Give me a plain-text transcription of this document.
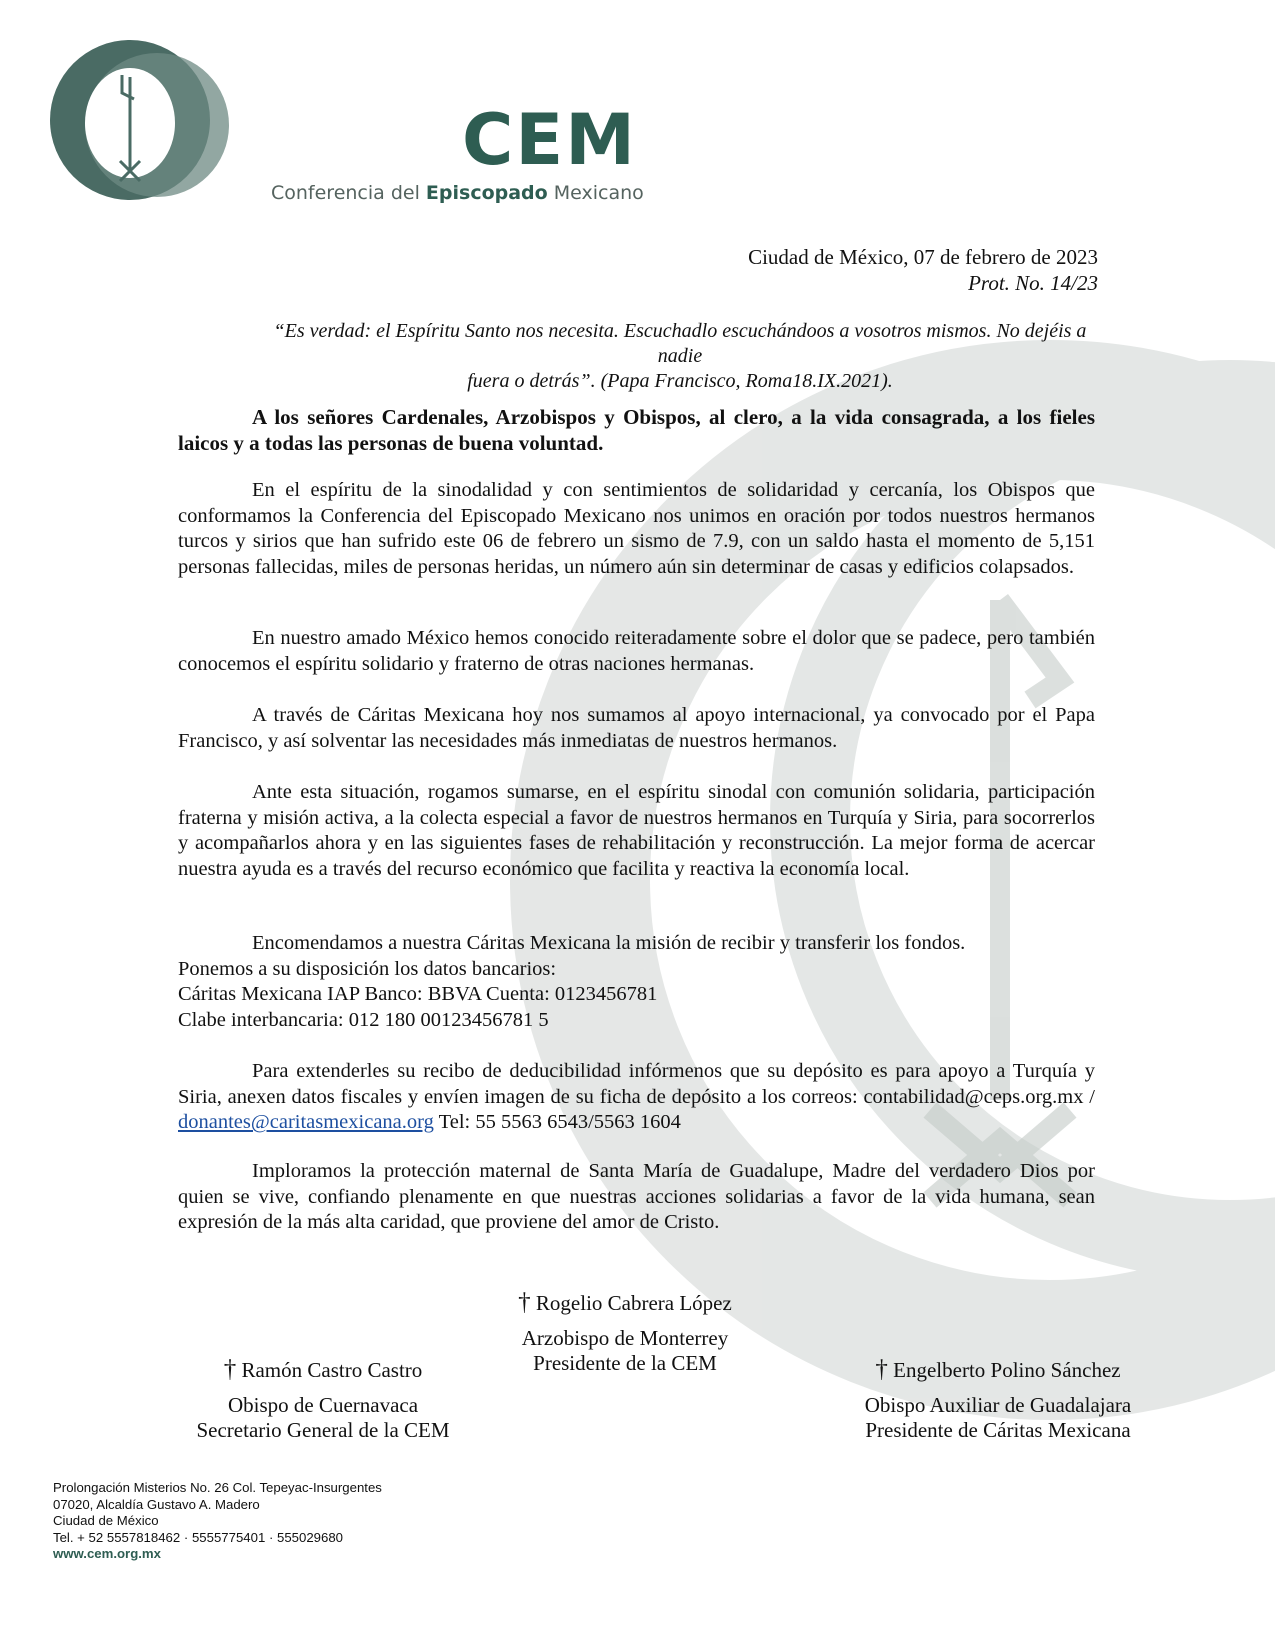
CEM

Conferencia del Episcopado Mexicano

Ciudad de México, 07 de febrero de 2023
Prot. No. 14/23
“Es verdad: el Espíritu Santo nos necesita. Escuchadlo escuchándoos a vosotros mismos. No dejéis a nadie
fuera o detrás”. (Papa Francisco, Roma18.IX.2021).

A los señores Cardenales, Arzobispos y Obispos, al clero, a la vida consagrada, a los fieles laicos y a todas las personas de buena voluntad.

En el espíritu de la sinodalidad y con sentimientos de solidaridad y cercanía, los Obispos que conformamos la Conferencia del Episcopado Mexicano nos unimos en oración por todos nuestros hermanos turcos y sirios que han sufrido este 06 de febrero un sismo de 7.9, con un saldo hasta el momento de 5,151 personas fallecidas, miles de personas heridas, un número aún sin determinar de casas y edificios colapsados.

En nuestro amado México hemos conocido reiteradamente sobre el dolor que se padece, pero también conocemos el espíritu solidario y fraterno de otras naciones hermanas.

A través de Cáritas Mexicana hoy nos sumamos al apoyo internacional, ya convocado por el Papa Francisco, y así solventar las necesidades más inmediatas de nuestros hermanos.

Ante esta situación, rogamos sumarse, en el espíritu sinodal con comunión solidaria, participación fraterna y misión activa, a la colecta especial a favor de nuestros hermanos en Turquía y Siria, para socorrerlos y acompañarlos ahora y en las siguientes fases de rehabilitación y reconstrucción. La mejor forma de acercar nuestra ayuda es a través del recurso económico que facilita y reactiva la economía local.

Encomendamos a nuestra Cáritas Mexicana la misión de recibir y transferir los fondos.

Ponemos a su disposición los datos bancarios:

Cáritas Mexicana IAP Banco: BBVA Cuenta: 0123456781

Clabe interbancaria: 012 180 00123456781 5

Para extenderles su recibo de deducibilidad infórmenos que su depósito es para apoyo a Turquía y Siria, anexen datos fiscales y envíen imagen de su ficha de depósito a los correos: contabilidad@ceps.org.mx / donantes@caritasmexicana.org Tel: 55 5563 6543/5563 1604

Imploramos la protección maternal de Santa María de Guadalupe, Madre del verdadero Dios por quien se vive, confiando plenamente en que nuestras acciones solidarias a favor de la vida humana, sean expresión de la más alta caridad, que proviene del amor de Cristo.

† Rogelio Cabrera López
Arzobispo de Monterrey
Presidente de la CEM
† Ramón Castro Castro
Obispo de Cuernavaca
Secretario General de la CEM
† Engelberto Polino Sánchez
Obispo Auxiliar de Guadalajara
Presidente de Cáritas Mexicana
Prolongación Misterios No. 26 Col. Tepeyac-Insurgentes
07020, Alcaldía Gustavo A. Madero
Ciudad de México
Tel. + 52 5557818462 · 5555775401 · 555029680
www.cem.org.mx
